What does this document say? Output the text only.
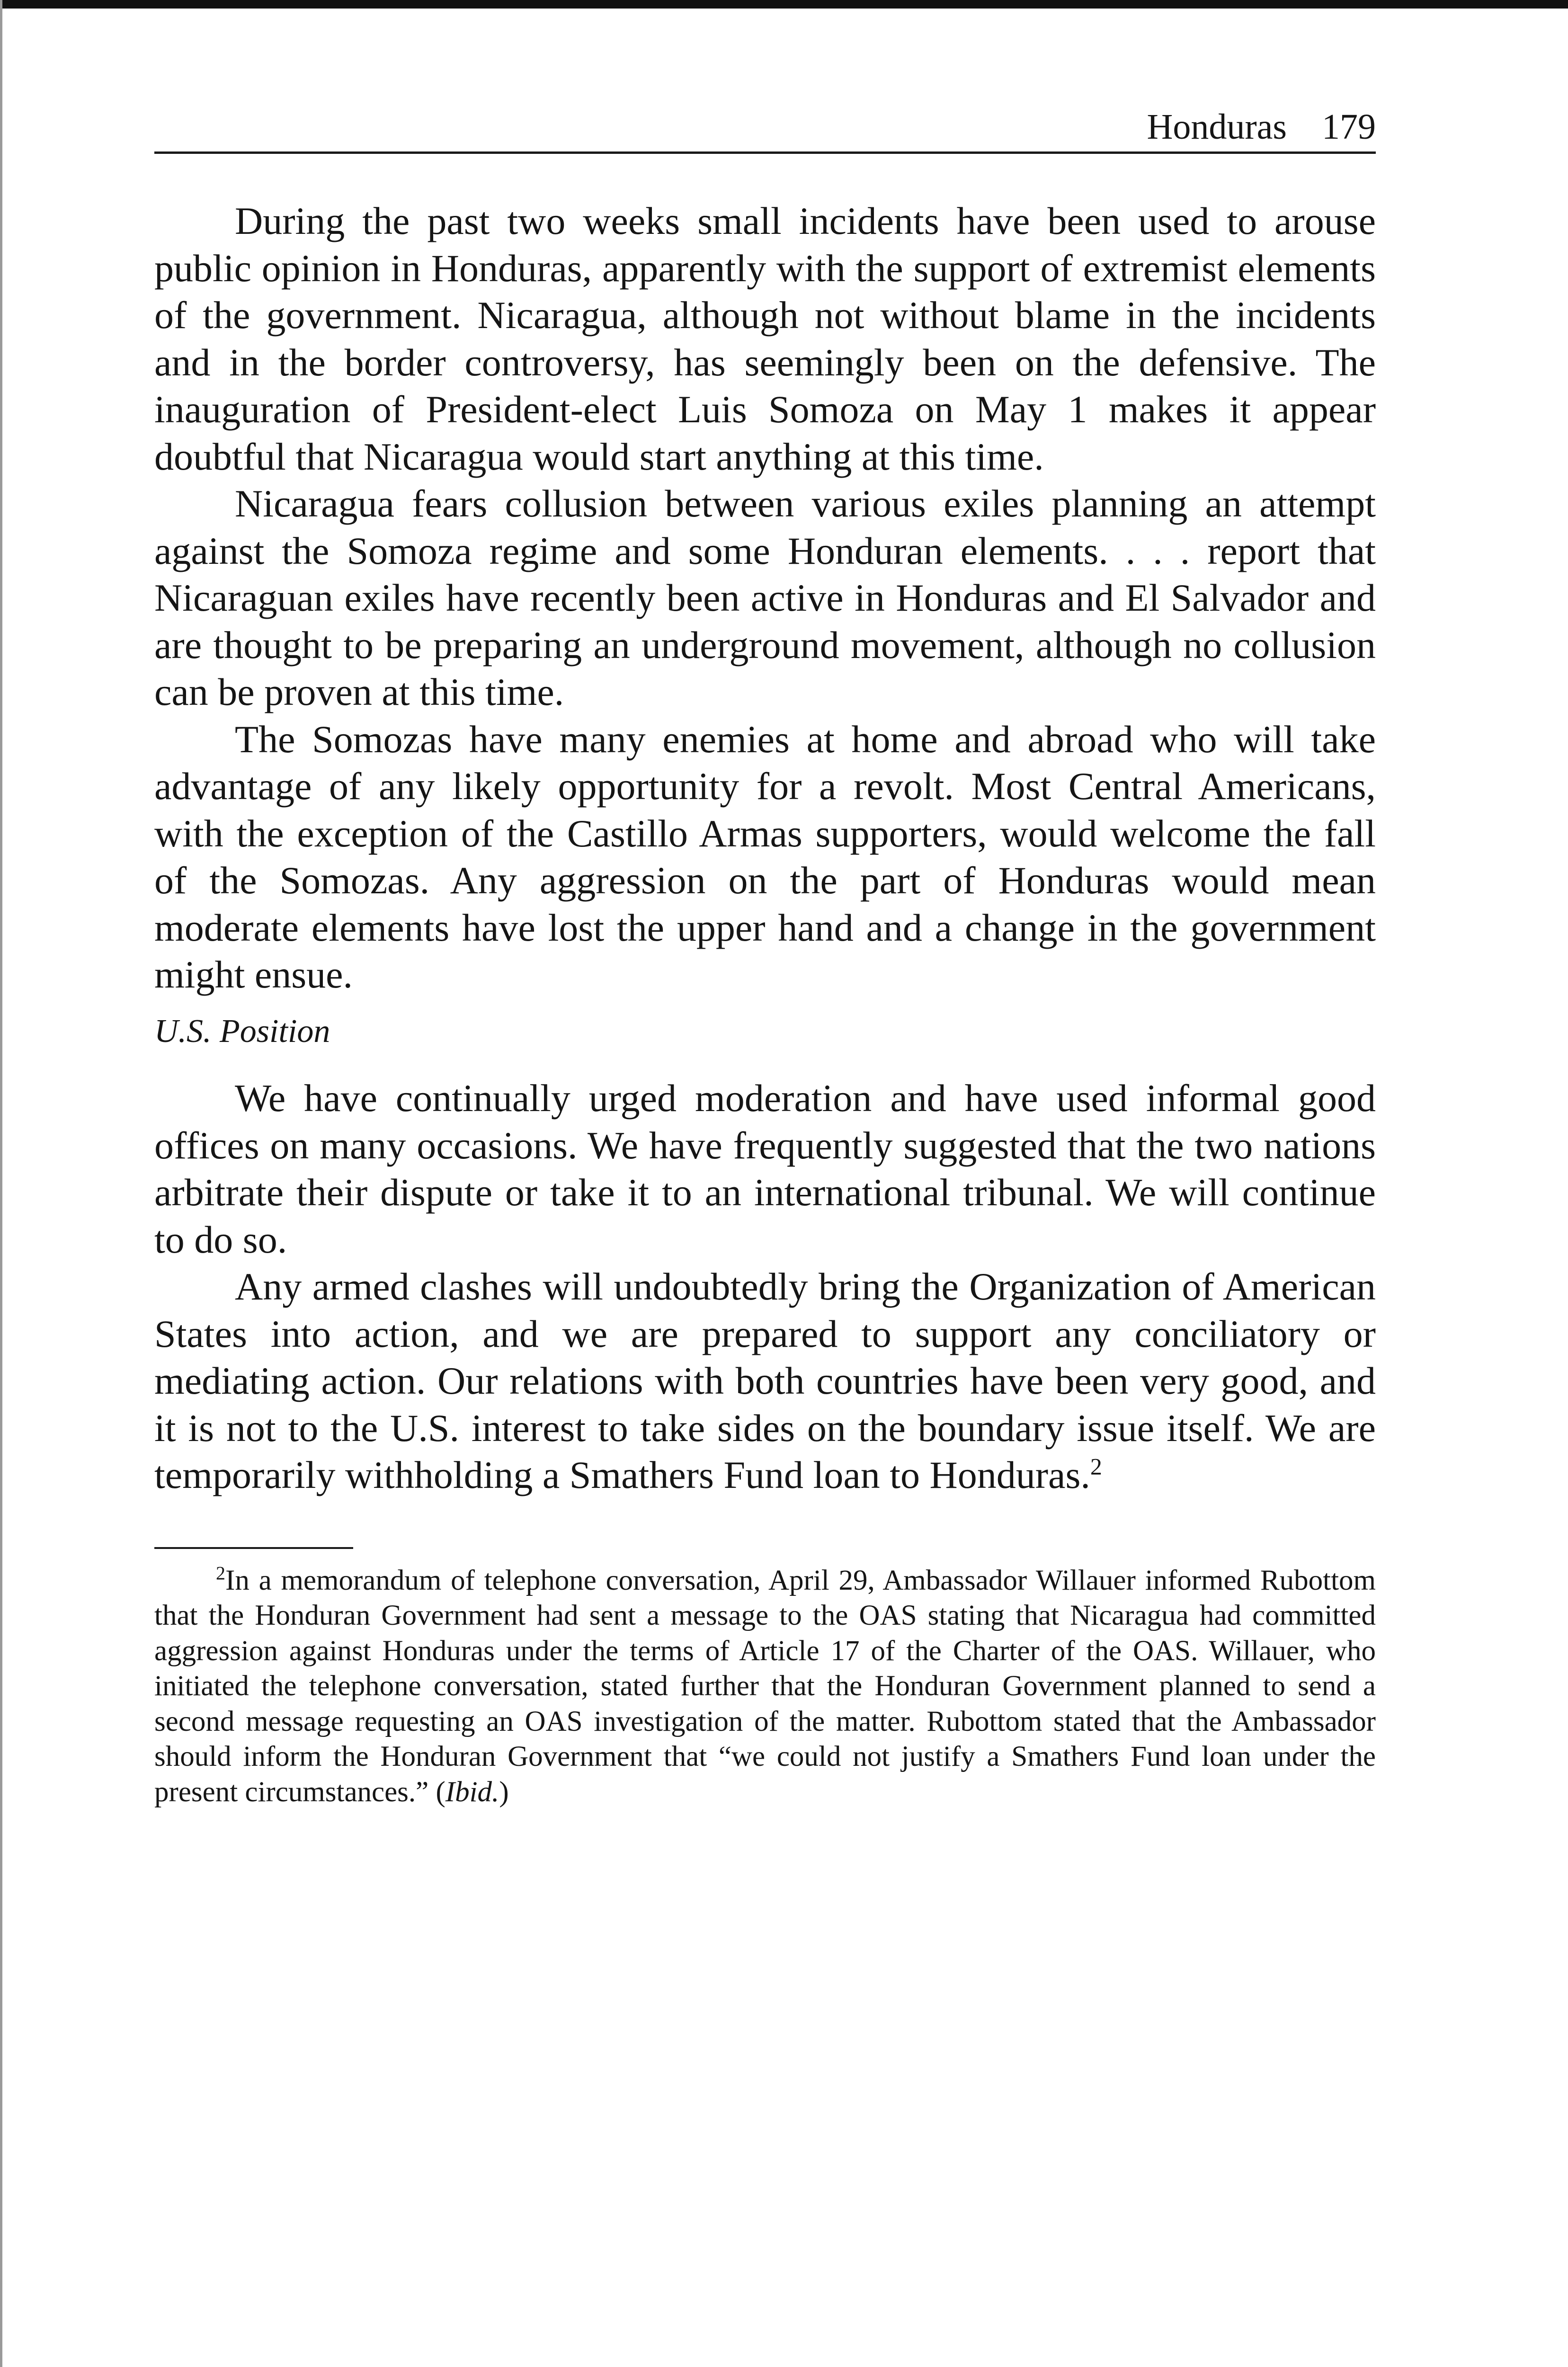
Honduras 179

During the past two weeks small incidents have been used to arouse public opinion in Honduras, apparently with the support of extremist elements of the government. Nicaragua, although not without blame in the incidents and in the border controversy, has seemingly been on the defensive. The inauguration of President-elect Luis Somoza on May 1 makes it appear doubtful that Nicaragua would start anything at this time.

Nicaragua fears collusion between various exiles planning an attempt against the Somoza regime and some Honduran elements. . . . report that Nicaraguan exiles have recently been active in Honduras and El Salvador and are thought to be preparing an underground movement, although no collusion can be proven at this time.

The Somozas have many enemies at home and abroad who will take advantage of any likely opportunity for a revolt. Most Central Americans, with the exception of the Castillo Armas supporters, would welcome the fall of the Somozas. Any aggression on the part of Honduras would mean moderate elements have lost the upper hand and a change in the government might ensue.

U.S. Position

We have continually urged moderation and have used informal good offices on many occasions. We have frequently suggested that the two nations arbitrate their dispute or take it to an international tribunal. We will continue to do so.

Any armed clashes will undoubtedly bring the Organization of American States into action, and we are prepared to support any conciliatory or mediating action. Our relations with both countries have been very good, and it is not to the U.S. interest to take sides on the boundary issue itself. We are temporarily withholding a Smathers Fund loan to Honduras.$^2$

$^2$In a memorandum of telephone conversation, April 29, Ambassador Willauer informed Rubottom that the Honduran Government had sent a message to the OAS stating that Nicaragua had committed aggression against Honduras under the terms of Article 17 of the Charter of the OAS. Willauer, who initiated the telephone conversation, stated further that the Honduran Government planned to send a second message requesting an OAS investigation of the matter. Rubottom stated that the Ambassador should inform the Honduran Government that “we could not justify a Smathers Fund loan under the present circumstances.” (Ibid.)
